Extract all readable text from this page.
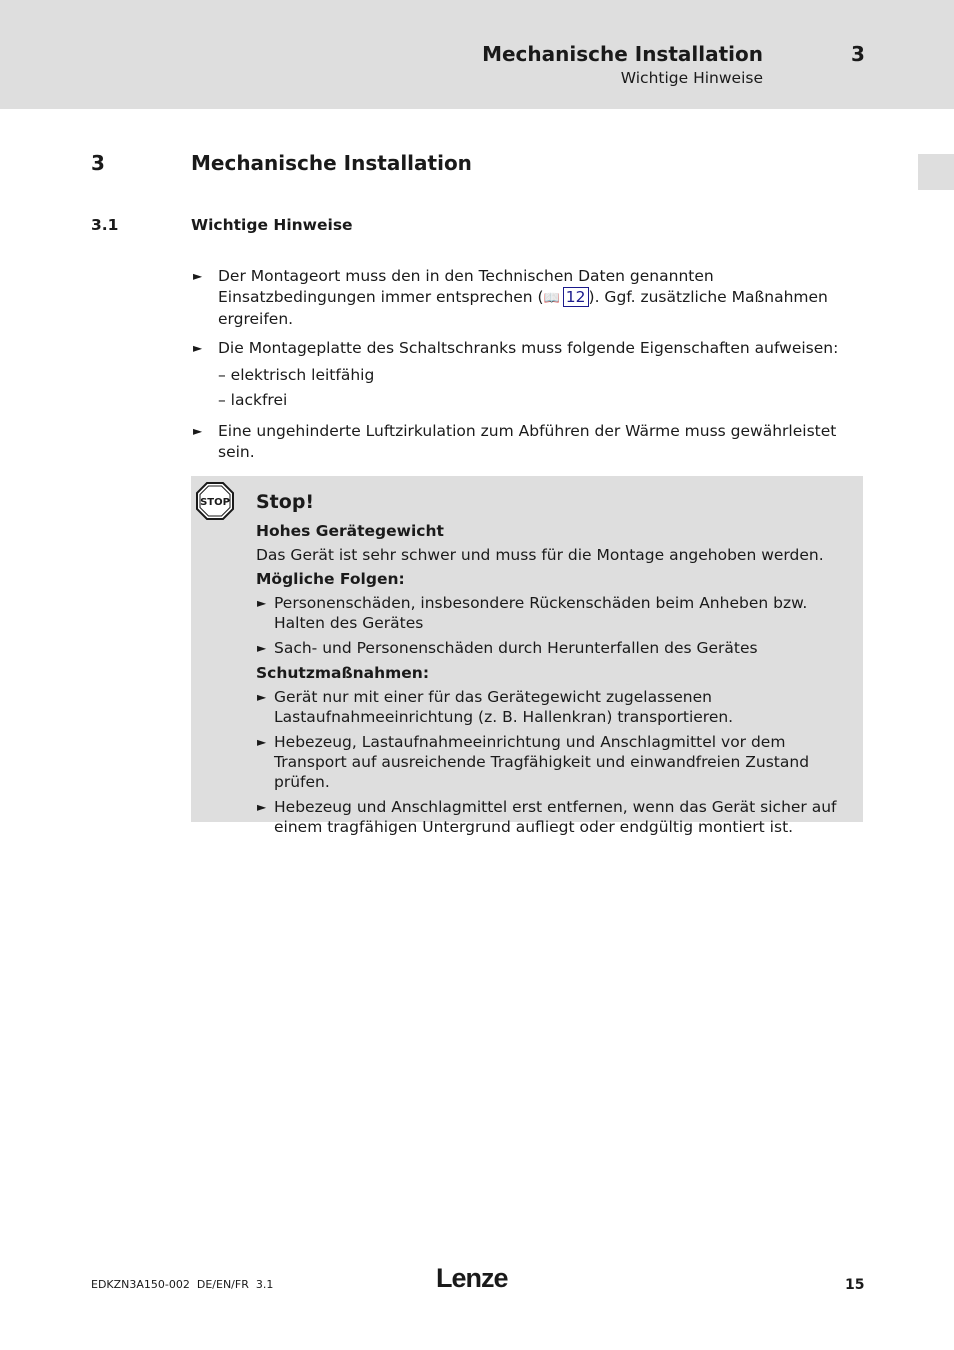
Mechanische Installation
Wichtige Hinweise
3
3	Mechanische Installation
3.1	Wichtige Hinweise
► Der Montageort muss den in den Technischen Daten genannten Einsatzbedingungen immer entsprechen (📖 12 ). Ggf. zusätzliche Maßnahmen ergreifen.
► Die Montageplatte des Schaltschranks muss folgende Eigenschaften aufweisen:
– elektrisch leitfähig
– lackfrei
► Eine ungehinderte Luftzirkulation zum Abführen der Wärme muss gewährleistet sein.
STOP Stop!
Hohes Gerätegewicht
Das Gerät ist sehr schwer und muss für die Montage angehoben werden.
Mögliche Folgen:
► Personenschäden, insbesondere Rückenschäden beim Anheben bzw. Halten des Gerätes
► Sach- und Personenschäden durch Herunterfallen des Gerätes
Schutzmaßnahmen:
► Gerät nur mit einer für das Gerätegewicht zugelassenen Lastaufnahmeeinrichtung (z. B. Hallenkran) transportieren.
► Hebezeug, Lastaufnahmeeinrichtung und Anschlagmittel vor dem Transport auf ausreichende Tragfähigkeit und einwandfreien Zustand prüfen.
► Hebezeug und Anschlagmittel erst entfernen, wenn das Gerät sicher auf einem tragfähigen Untergrund aufliegt oder endgültig montiert ist.
EDKZN3A150-002  DE/EN/FR  3.1	Lenze	15
